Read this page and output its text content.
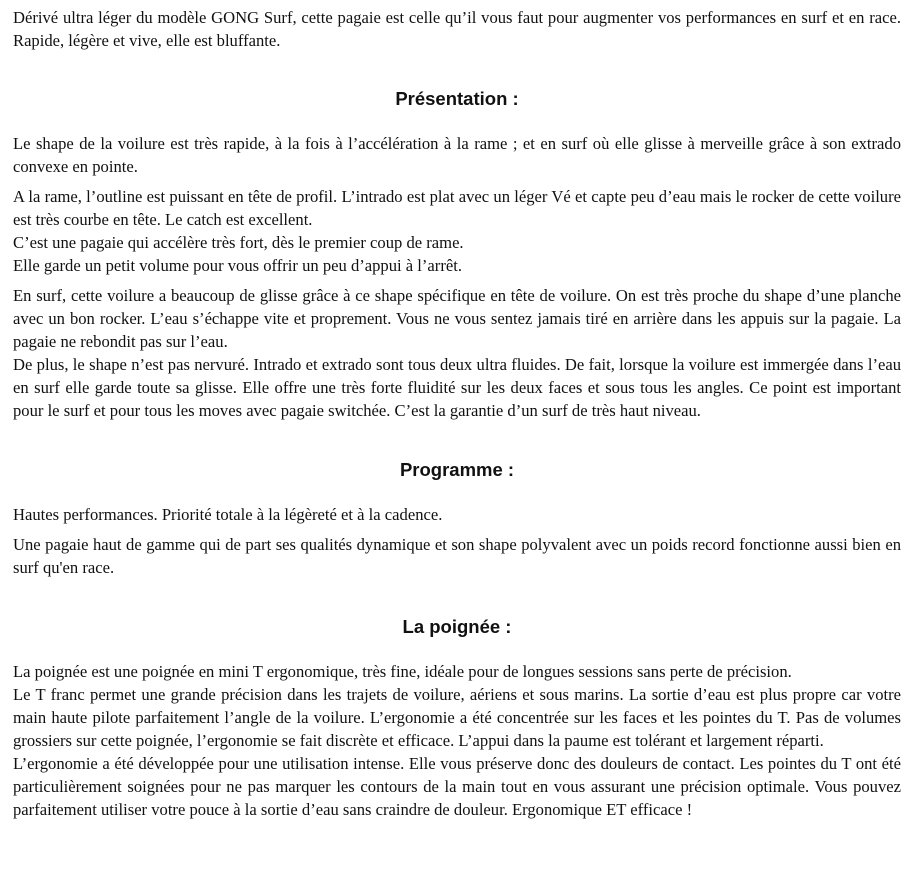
Dérivé ultra léger du modèle GONG Surf, cette pagaie est celle qu’il vous faut pour augmenter vos performances en surf et en race. Rapide, légère et vive, elle est bluffante.

Présentation :

Le shape de la voilure est très rapide, à la fois à l’accélération à la rame ; et en surf où elle glisse à merveille grâce à son extrado convexe en pointe.

A la rame, l’outline est puissant en tête de profil. L’intrado est plat avec un léger Vé et capte peu d’eau mais le rocker de cette voilure est très courbe en tête. Le catch est excellent.

C’est une pagaie qui accélère très fort, dès le premier coup de rame.

Elle garde un petit volume pour vous offrir un peu d’appui à l’arrêt.

En surf, cette voilure a beaucoup de glisse grâce à ce shape spécifique en tête de voilure. On est très proche du shape d’une planche avec un bon rocker. L’eau s’échappe vite et proprement. Vous ne vous sentez jamais tiré en arrière dans les appuis sur la pagaie. La pagaie ne rebondit pas sur l’eau.

De plus, le shape n’est pas nervuré. Intrado et extrado sont tous deux ultra fluides. De fait, lorsque la voilure est immergée dans l’eau en surf elle garde toute sa glisse. Elle offre une très forte fluidité sur les deux faces et sous tous les angles. Ce point est important pour le surf et pour tous les moves avec pagaie switchée. C’est la garantie d’un surf de très haut niveau.

Programme :

Hautes performances. Priorité totale à la légèreté et à la cadence.

Une pagaie haut de gamme qui de part ses qualités dynamique et son shape polyvalent avec un poids record fonctionne aussi bien en surf qu'en race.

La poignée :

La poignée est une poignée en mini T ergonomique, très fine, idéale pour de longues sessions sans perte de précision.

Le T franc permet une grande précision dans les trajets de voilure, aériens et sous marins. La sortie d’eau est plus propre car votre main haute pilote parfaitement l’angle de la voilure. L’ergonomie a été concentrée sur les faces et les pointes du T. Pas de volumes grossiers sur cette poignée, l’ergonomie se fait discrète et efficace. L’appui dans la paume est tolérant et largement réparti.

L’ergonomie a été développée pour une utilisation intense. Elle vous préserve donc des douleurs de contact. Les pointes du T ont été particulièrement soignées pour ne pas marquer les contours de la main tout en vous assurant une précision optimale. Vous pouvez parfaitement utiliser votre pouce à la sortie d’eau sans craindre de douleur. Ergonomique ET efficace !
